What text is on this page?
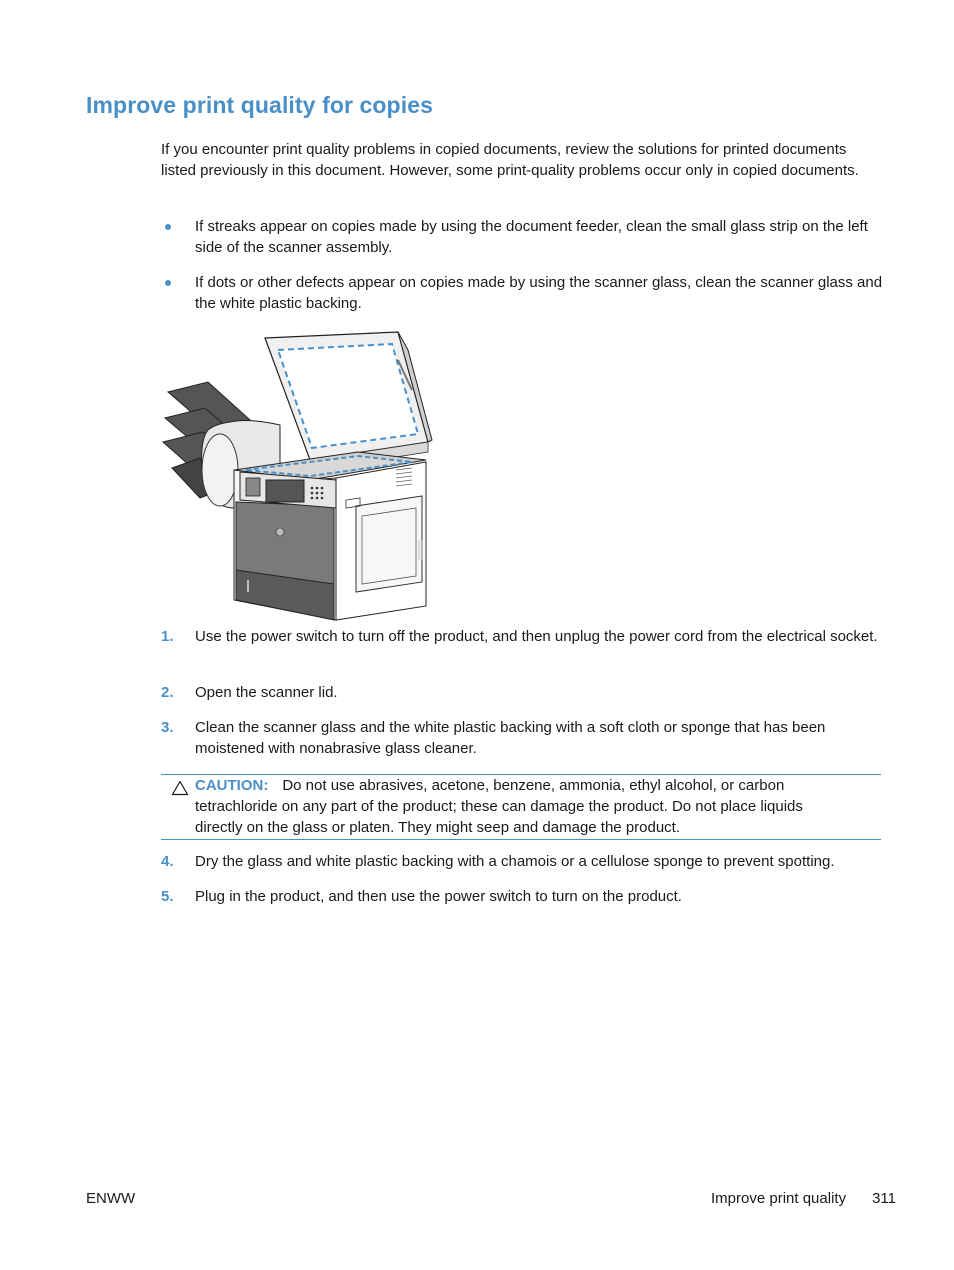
Improve print quality for copies

If you encounter print quality problems in copied documents, review the solutions for printed documents listed previously in this document. However, some print-quality problems occur only in copied documents.

If streaks appear on copies made by using the document feeder, clean the small glass strip on the left side of the scanner assembly.

If dots or other defects appear on copies made by using the scanner glass, clean the scanner glass and the white plastic backing.

1. Use the power switch to turn off the product, and then unplug the power cord from the electrical socket.

2. Open the scanner lid.

3. Clean the scanner glass and the white plastic backing with a soft cloth or sponge that has been moistened with nonabrasive glass cleaner.

CAUTION: Do not use abrasives, acetone, benzene, ammonia, ethyl alcohol, or carbon tetrachloride on any part of the product; these can damage the product. Do not place liquids directly on the glass or platen. They might seep and damage the product.

4. Dry the glass and white plastic backing with a chamois or a cellulose sponge to prevent spotting.

5. Plug in the product, and then use the power switch to turn on the product.

ENWW	Improve print quality 311
